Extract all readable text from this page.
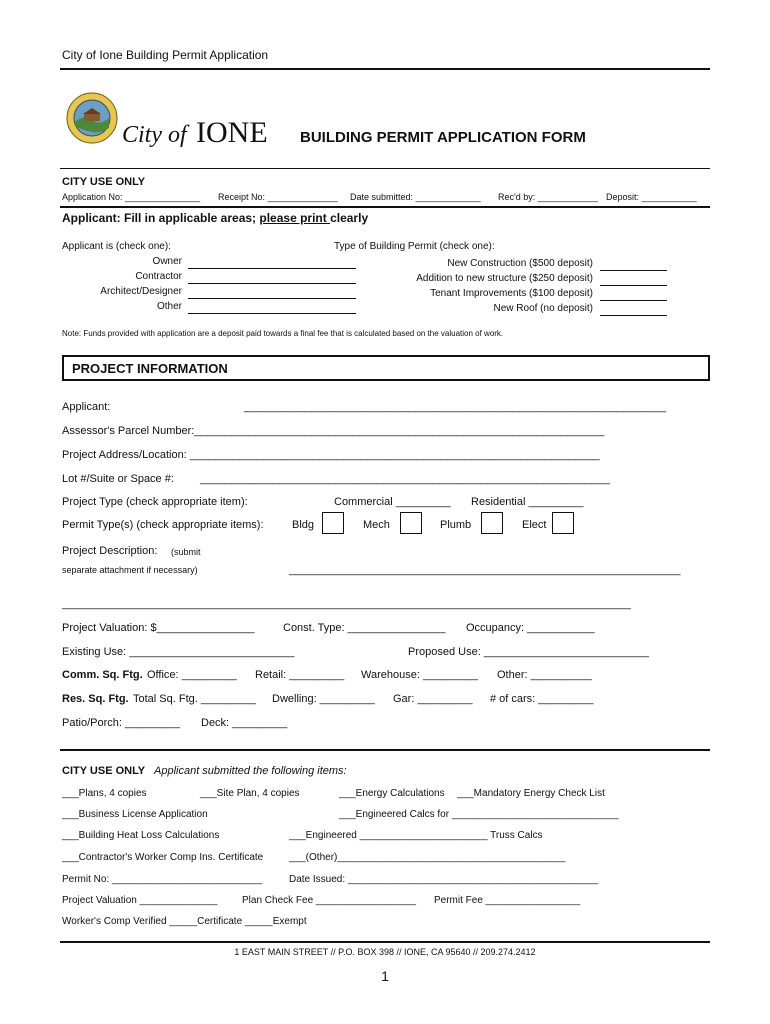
City of Ione Building Permit Application
City of IONE BUILDING PERMIT APPLICATION FORM
CITY USE ONLY
Application No: _______________ Receipt No: ______________ Date submitted: _____________ Rec'd by: ____________ Deposit: ___________
Applicant: Fill in applicable areas; please print clearly
Applicant is (check one):
Owner
Contractor
Architect/Designer
Other
Type of Building Permit (check one):
New Construction ($500 deposit)
Addition to new structure ($250 deposit)
Tenant Improvements ($100 deposit)
New Roof (no deposit)
Note: Funds provided with application are a deposit paid towards a final fee that is calculated based on the valuation of work.
PROJECT INFORMATION
Applicant:	_____________________________________________________________________
Assessor's Parcel Number:___________________________________________________________________
Project Address/Location: ___________________________________________________________________
Lot #/Suite or Space #: ___________________________________________________________________
Project Type (check appropriate item):	Commercial _________ Residential _________
Permit Type(s) (check appropriate items):	Bldg	Mech	Plumb	Elect
Project Description: (submit
separate attachment if necessary)	________________________________________________________________
_____________________________________________________________________________________________
Project Valuation: $________________	Const. Type: ________________ Occupancy: ___________
Existing Use: ___________________________	Proposed Use: ___________________________
Comm. Sq. Ftg. Office: _________ Retail: _________ Warehouse: _________ Other: __________
Res. Sq. Ftg. Total Sq. Ftg. _________ Dwelling: _________ Gar: _________ # of cars: _________
Patio/Porch: _________ Deck: _________
CITY USE ONLY Applicant submitted the following items:
___Plans, 4 copies	___Site Plan, 4 copies	___Energy Calculations ___Mandatory Energy Check List
___Business License Application	___Engineered Calcs for ______________________________
___Building Heat Loss Calculations	___Engineered _______________________ Truss Calcs
___Contractor's Worker Comp Ins. Certificate	___(Other)_________________________________________
Permit No: ___________________________	Date Issued: _____________________________________________
Project Valuation ______________ Plan Check Fee __________________ Permit Fee _________________
Worker's Comp Verified _____Certificate _____Exempt
1 EAST MAIN STREET // P.O. BOX 398 // IONE, CA 95640 // 209.274.2412
1
